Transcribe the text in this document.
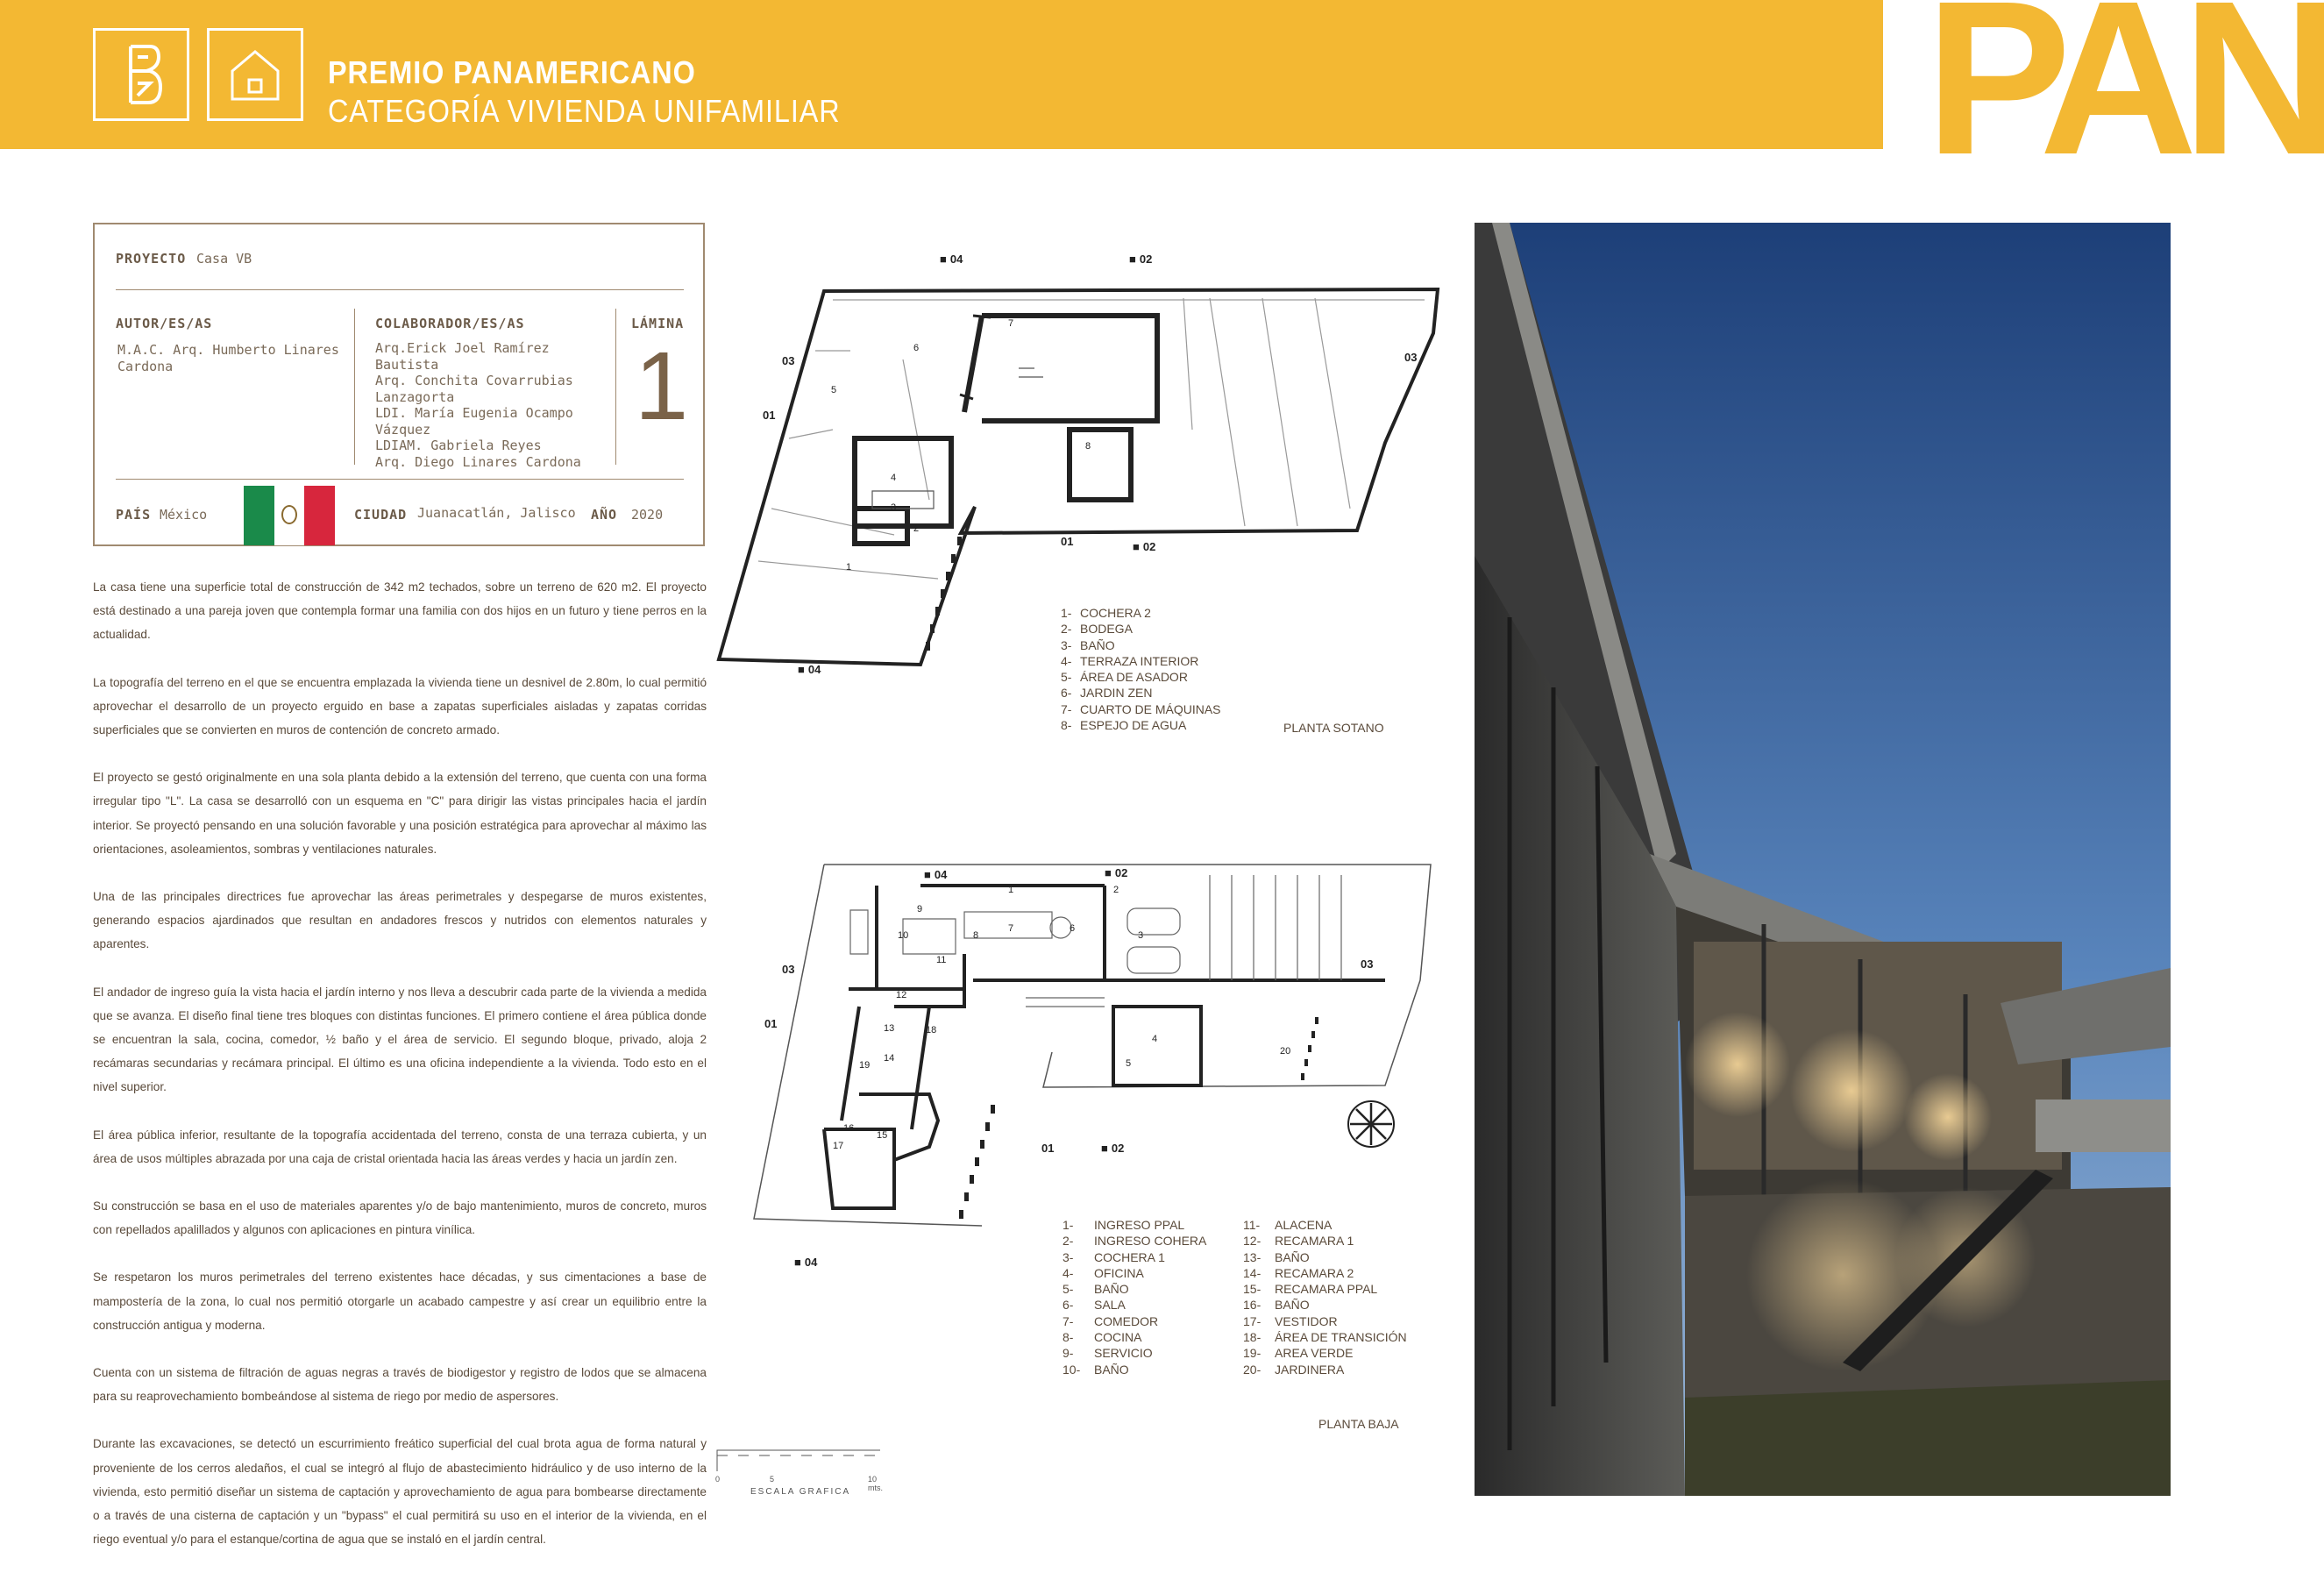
PREMIO PANAMERICANO
CATEGORÍA VIVIENDA UNIFAMILIAR	PAN
PROYECTO Casa VB
AUTOR/ES/AS
M.A.C. Arq. Humberto Linares Cardona
COLABORADOR/ES/AS
Arq.Erick Joel Ramírez Bautista
Arq. Conchita Covarrubias Lanzagorta
LDI. María Eugenia Ocampo Vázquez
LDIAM. Gabriela Reyes
Arq. Diego Linares Cardona
LÁMINA
1
PAÍS México	CIUDAD Juanacatlán, Jalisco AÑO 2020

La casa tiene una superficie total de construcción de 342 m2 techados, sobre un terreno de 620 m2. El proyecto está destinado a una pareja joven que contempla formar una familia con dos hijos en un futuro y tiene perros en la actualidad.

La topografía del terreno en el que se encuentra emplazada la vivienda tiene un desnivel de 2.80m, lo cual permitió aprovechar el desarrollo de un proyecto erguido en base a zapatas superficiales aisladas y zapatas corridas superficiales que se convierten en muros de contención de concreto armado.

El proyecto se gestó originalmente en una sola planta debido a la extensión del terreno, que cuenta con una forma irregular tipo "L". La casa se desarrolló con un esquema en "C" para dirigir las vistas principales hacia el jardín interior. Se proyectó pensando en una solución favorable y una posición estratégica para aprovechar al máximo las orientaciones, asoleamientos, sombras y ventilaciones naturales.

Una de las principales directrices fue aprovechar las áreas perimetrales y despegarse de muros existentes, generando espacios ajardinados que resultan en andadores frescos y nutridos con elementos naturales y aparentes.

El andador de ingreso guía la vista hacia el jardín interno y nos lleva a descubrir cada parte de la vivienda a medida que se avanza. El diseño final tiene tres bloques con distintas funciones. El primero contiene el área pública donde se encuentran la sala, cocina, comedor, ½ baño y el área de servicio. El segundo bloque, privado, aloja 2 recámaras secundarias y recámara principal. El último es una oficina independiente a la vivienda. Todo esto en el nivel superior.

El área pública inferior, resultante de la topografía accidentada del terreno, consta de una terraza cubierta, y un área de usos múltiples abrazada por una caja de cristal orientada hacia las áreas verdes y hacia un jardín zen.

Su construcción se basa en el uso de materiales aparentes y/o de bajo mantenimiento, muros de concreto, muros con repellados apalillados y algunos con aplicaciones en pintura vinílica.

Se respetaron los muros perimetrales del terreno existentes hace décadas, y sus cimentaciones a base de mampostería de la zona, lo cual nos permitió otorgarle un acabado campestre y así crear un equilibrio entre la construcción antigua y moderna.

Cuenta con un sistema de filtración de aguas negras a través de biodigestor y registro de lodos que se almacena para su reaprovechamiento bombeándose al sistema de riego por medio de aspersores.

Durante las excavaciones, se detectó un escurrimiento freático superficial del cual brota agua de forma natural y proveniente de los cerros aledaños, el cual se integró al flujo de abastecimiento hidráulico y de uso interno de la vivienda, esto permitió diseñar un sistema de captación y aprovechamiento de agua para bombearse directamente o a través de una cisterna de captación y un "bypass" el cual permitirá su uso en el interior de la vivienda, en el riego eventual y/o para el estanque/cortina de agua que se instaló en el jardín central.

1
2
3
4
5
6
7
8
■ 04	■ 02
03	03
01
01	■ 02
■ 04
1- COCHERA 2
2- BODEGA
3- BAÑO
4- TERRAZA INTERIOR
5- ÁREA DE ASADOR
6- JARDIN ZEN
7- CUARTO DE MÁQUINAS
8- ESPEJO DE AGUA	PLANTA SOTANO
1	2
3
4
5
6
7
8
9
10
11
12
13
14
15
16
17
18
19
20
■ 04	■ 02
03	03
01
01	■ 02
■ 04
1- INGRESO PPAL
2- INGRESO COHERA
3- COCHERA 1
4- OFICINA
5- BAÑO
6- SALA
7- COMEDOR
8- COCINA
9- SERVICIO
10- BAÑO
11- ALACENA
12- RECAMARA 1
13- BAÑO
14- RECAMARA 2
15- RECAMARA PPAL
16- BAÑO
17- VESTIDOR
18- ÁREA DE TRANSICIÓN
19- AREA VERDE
20- JARDINERA
PLANTA BAJA
0	5	10 mts.
ESCALA GRAFICA
